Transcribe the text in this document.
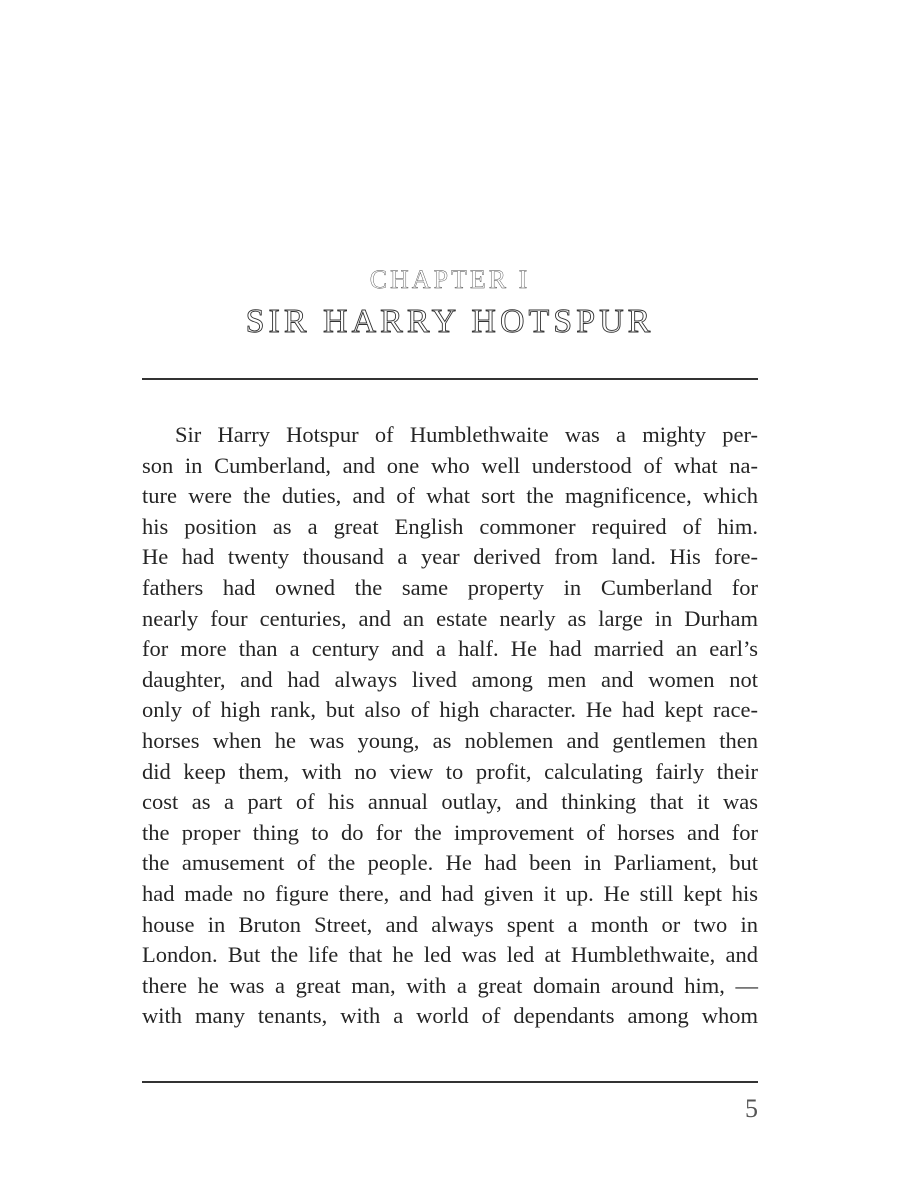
CHAPTER I
SIR HARRY HOTSPUR
Sir Harry Hotspur of Humblethwaite was a mighty per-
son in Cumberland, and one who well understood of what na-
ture were the duties, and of what sort the magnificence, which
his position as a great English commoner required of him.
He had twenty thousand a year derived from land. His fore-
fathers had owned the same property in Cumberland for
nearly four centuries, and an estate nearly as large in Durham
for more than a century and a half. He had married an earl’s
daughter, and had always lived among men and women not
only of high rank, but also of high character. He had kept race-
horses when he was young, as noblemen and gentlemen then
did keep them, with no view to profit, calculating fairly their
cost as a part of his annual outlay, and thinking that it was
the proper thing to do for the improvement of horses and for
the amusement of the people. He had been in Parliament, but
had made no figure there, and had given it up. He still kept his
house in Bruton Street, and always spent a month or two in
London. But the life that he led was led at Humblethwaite, and
there he was a great man, with a great domain around him, —
with many tenants, with a world of dependants among whom
5
